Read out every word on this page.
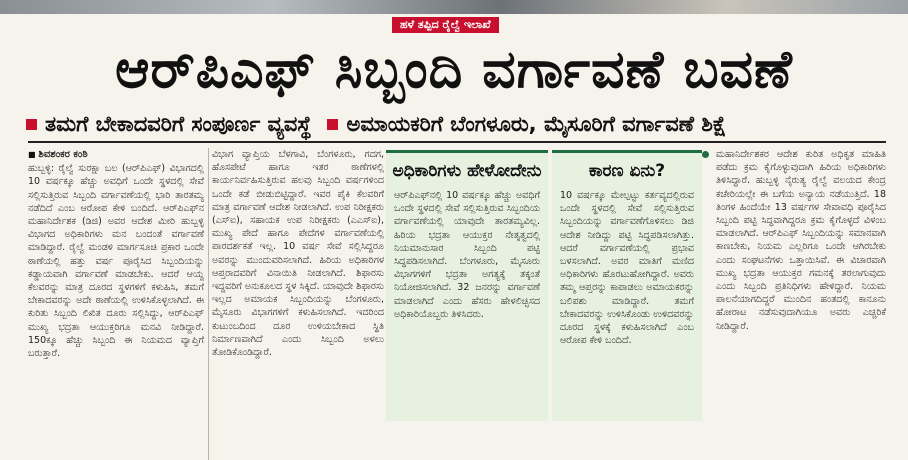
ಹಳೆ ತಪ್ಪಿದ ರೈಲ್ವೆ ಇಲಾಖೆ
ಆರ್‌ಪಿಎಫ್ ಸಿಬ್ಬಂದಿ ವರ್ಗಾವಣೆ ಬವಣೆ
ತಮಗೆ ಬೇಕಾದವರಿಗೆ ಸಂಪೂರ್ಣ ವ್ಯವಸ್ಥೆ ಅಮಾಯಕರಿಗೆ ಬೆಂಗಳೂರು, ಮೈಸೂರಿಗೆ ವರ್ಗಾವಣೆ ಶಿಕ್ಷೆ
■ ಶಿವಶಂಕರ ಕಂಠಿ

ಹುಬ್ಬಳ್ಳಿ: ರೈಲ್ವೆ ಸುರಕ್ಷಾ ಬಲ (ಆರ್‌ಪಿಎಫ್) ವಿಭಾಗದಲ್ಲಿ 10 ವರ್ಷಕ್ಕೂ ಹೆಚ್ಚು ಅವಧಿಗೆ ಒಂದೇ ಸ್ಥಳದಲ್ಲಿ ಸೇವೆ ಸಲ್ಲಿಸುತ್ತಿರುವ ಸಿಬ್ಬಂದಿ ವರ್ಗಾವಣೆಯಲ್ಲಿ ಭಾರಿ ತಾರತಮ್ಯ ನಡೆದಿದೆ ಎಂಬ ಆರೋಪ ಕೇಳಿ ಬಂದಿದೆ. ಆರ್‌ಪಿಎಫ್‌ನ ಮಹಾನಿರ್ದೇಶಕ (ಡಿಜಿ) ಅವರ ಆದೇಶ ಮೀರಿ ಹುಬ್ಬಳ್ಳಿ ವಿಭಾಗದ ಅಧಿಕಾರಿಗಳು ಮನ ಬಂದಂತೆ ವರ್ಗಾವಣೆ ಮಾಡಿದ್ದಾರೆ. ರೈಲ್ವೆ ಮಂಡಳಿ ಮಾರ್ಗಸೂಚಿ ಪ್ರಕಾರ ಒಂದೇ ಠಾಣೆಯಲ್ಲಿ ಹತ್ತು ವರ್ಷ ಪೂರೈಸಿದ ಸಿಬ್ಬಂದಿಯನ್ನು ಕಡ್ಡಾಯವಾಗಿ ವರ್ಗಾವಣೆ ಮಾಡಬೇಕು. ಆದರೆ ಆಯ್ದ ಕೆಲವರನ್ನು ಮಾತ್ರ ದೂರದ ಸ್ಥಳಗಳಿಗೆ ಕಳುಹಿಸಿ, ತಮಗೆ ಬೇಕಾದವರನ್ನು ಅದೇ ಠಾಣೆಯಲ್ಲಿ ಉಳಿಸಿಕೊಳ್ಳಲಾಗಿದೆ. ಈ ಕುರಿತು ಸಿಬ್ಬಂದಿ ಲಿಖಿತ ದೂರು ಸಲ್ಲಿಸಿದ್ದು, ಆರ್‌ಪಿಎಫ್ ಮುಖ್ಯ ಭದ್ರತಾ ಆಯುಕ್ತರಿಗೂ ಮನವಿ ನೀಡಿದ್ದಾರೆ. 150ಕ್ಕೂ ಹೆಚ್ಚು ಸಿಬ್ಬಂದಿ ಈ ನಿಯಮದ ವ್ಯಾಪ್ತಿಗೆ ಬರುತ್ತಾರೆ.

ವಿಭಾಗ ವ್ಯಾಪ್ತಿಯ ಬೆಳಗಾವಿ, ಬೆಂಗಳೂರು, ಗದಗ, ಹೊಸಪೇಟೆ ಹಾಗೂ ಇತರ ಠಾಣೆಗಳಲ್ಲಿ ಕಾರ್ಯನಿರ್ವಹಿಸುತ್ತಿರುವ ಹಲವು ಸಿಬ್ಬಂದಿ ವರ್ಷಗಳಿಂದ ಒಂದೇ ಕಡೆ ಬೀಡುಬಿಟ್ಟಿದ್ದಾರೆ. ಇವರ ಪೈಕಿ ಕೆಲವರಿಗೆ ಮಾತ್ರ ವರ್ಗಾವಣೆ ಆದೇಶ ನೀಡಲಾಗಿದೆ. ಉಪ ನಿರೀಕ್ಷಕರು (ಎಸ್‌ಐ), ಸಹಾಯಕ ಉಪ ನಿರೀಕ್ಷಕರು (ಎಎಸ್‌ಐ), ಮುಖ್ಯ ಪೇದೆ ಹಾಗೂ ಪೇದೆಗಳ ವರ್ಗಾವಣೆಯಲ್ಲಿ ಪಾರದರ್ಶಕತೆ ಇಲ್ಲ. 10 ವರ್ಷ ಸೇವೆ ಸಲ್ಲಿಸಿದ್ದರೂ ಅವರನ್ನು ಮುಂದುವರಿಸಲಾಗಿದೆ. ಹಿರಿಯ ಅಧಿಕಾರಿಗಳ ಆಪ್ತರಾದವರಿಗೆ ವಿನಾಯಿತಿ ನೀಡಲಾಗಿದೆ. ಶಿಫಾರಸು ಇದ್ದವರಿಗೆ ಅನುಕೂಲದ ಸ್ಥಳ ಸಿಕ್ಕಿದೆ. ಯಾವುದೇ ಶಿಫಾರಸು ಇಲ್ಲದ ಅಮಾಯಕ ಸಿಬ್ಬಂದಿಯನ್ನು ಬೆಂಗಳೂರು, ಮೈಸೂರು ವಿಭಾಗಗಳಿಗೆ ಕಳುಹಿಸಲಾಗಿದೆ. ಇದರಿಂದ ಕುಟುಂಬದಿಂದ ದೂರ ಉಳಿಯಬೇಕಾದ ಸ್ಥಿತಿ ನಿರ್ಮಾಣವಾಗಿದೆ ಎಂದು ಸಿಬ್ಬಂದಿ ಅಳಲು ತೋಡಿಕೊಂಡಿದ್ದಾರೆ.

ಅಧಿಕಾರಿಗಳು ಹೇಳೋದೇನು
ಆರ್‌ಪಿಎಫ್‌ನಲ್ಲಿ 10 ವರ್ಷಕ್ಕೂ ಹೆಚ್ಚು ಅವಧಿಗೆ ಒಂದೇ ಸ್ಥಳದಲ್ಲಿ ಸೇವೆ ಸಲ್ಲಿಸುತ್ತಿರುವ ಸಿಬ್ಬಂದಿಯ ವರ್ಗಾವಣೆಯಲ್ಲಿ ಯಾವುದೇ ತಾರತಮ್ಯವಿಲ್ಲ. ಹಿರಿಯ ಭದ್ರತಾ ಆಯುಕ್ತರ ನೇತೃತ್ವದಲ್ಲಿ ನಿಯಮಾನುಸಾರ ಸಿಬ್ಬಂದಿ ಪಟ್ಟಿ ಸಿದ್ಧಪಡಿಸಲಾಗಿದೆ. ಬೆಂಗಳೂರು, ಮೈಸೂರು ವಿಭಾಗಗಳಿಗೆ ಭದ್ರತಾ ಅಗತ್ಯಕ್ಕೆ ತಕ್ಕಂತೆ ನಿಯೋಜಿಸಲಾಗಿದೆ. 32 ಜನರನ್ನು ವರ್ಗಾವಣೆ ಮಾಡಲಾಗಿದೆ ಎಂದು ಹೆಸರು ಹೇಳಲಿಚ್ಛಿಸದ ಅಧಿಕಾರಿಯೊಬ್ಬರು ತಿಳಿಸಿದರು.
ಕಾರಣ ಏನು?
10 ವರ್ಷಕ್ಕೂ ಮೇಲ್ಪಟ್ಟು ಕರ್ತವ್ಯದಲ್ಲಿರುವ ಒಂದೇ ಸ್ಥಳದಲ್ಲಿ ಸೇವೆ ಸಲ್ಲಿಸುತ್ತಿರುವ ಸಿಬ್ಬಂದಿಯನ್ನು ವರ್ಗಾವಣೆಗೊಳಿಸಲು ಡಿಜಿ ಆದೇಶ ನೀಡಿದ್ದು ಪಟ್ಟಿ ಸಿದ್ಧಪಡಿಸಲಾಗಿತ್ತು. ಆದರೆ ವರ್ಗಾವಣೆಯಲ್ಲಿ ಪ್ರಭಾವ ಬಳಸಲಾಗಿದೆ. ಅವರ ಮಾತಿಗೆ ಮಣಿದ ಅಧಿಕಾರಿಗಳು ಹೊರಟುಹೋಗಿದ್ದಾರೆ. ಅವರು ತಮ್ಮ ಆಪ್ತರನ್ನು ಕಾಪಾಡಲು ಅಮಾಯಕರನ್ನು ಬಲಿಪಶು ಮಾಡಿದ್ದಾರೆ. ತಮಗೆ ಬೇಕಾದವರನ್ನು ಉಳಿಸಿಕೊಂಡು ಉಳಿದವರನ್ನು ದೂರದ ಸ್ಥಳಕ್ಕೆ ಕಳುಹಿಸಲಾಗಿದೆ ಎಂಬ ಆರೋಪ ಕೇಳಿ ಬಂದಿದೆ.

ಮಹಾನಿರ್ದೇಶಕರ ಆದೇಶ ಕುರಿತ ಅಧಿಕೃತ ಮಾಹಿತಿ ಪಡೆದು ಕ್ರಮ ಕೈಗೊಳ್ಳುವುದಾಗಿ ಹಿರಿಯ ಅಧಿಕಾರಿಗಳು ತಿಳಿಸಿದ್ದಾರೆ. ಹುಬ್ಬಳ್ಳಿ ನೈರುತ್ಯ ರೈಲ್ವೆ ವಲಯದ ಕೇಂದ್ರ ಕಚೇರಿಯಲ್ಲೇ ಈ ಬಗೆಯ ಅನ್ಯಾಯ ನಡೆಯುತ್ತಿದೆ. 18 ತಿಂಗಳ ಹಿಂದೆಯೇ 13 ವರ್ಷಗಳ ಸೇವಾವಧಿ ಪೂರೈಸಿದ ಸಿಬ್ಬಂದಿ ಪಟ್ಟಿ ಸಿದ್ಧವಾಗಿದ್ದರೂ ಕ್ರಮ ಕೈಗೊಳ್ಳದೆ ವಿಳಂಬ ಮಾಡಲಾಗಿದೆ. ಆರ್‌ಪಿಎಫ್ ಸಿಬ್ಬಂದಿಯನ್ನು ಸಮಾನವಾಗಿ ಕಾಣಬೇಕು, ನಿಯಮ ಎಲ್ಲರಿಗೂ ಒಂದೇ ಆಗಿರಬೇಕು ಎಂದು ಸಂಘಟನೆಗಳು ಒತ್ತಾಯಿಸಿವೆ. ಈ ವಿಚಾರವಾಗಿ ಮುಖ್ಯ ಭದ್ರತಾ ಆಯುಕ್ತರ ಗಮನಕ್ಕೆ ತರಲಾಗುವುದು ಎಂದು ಸಿಬ್ಬಂದಿ ಪ್ರತಿನಿಧಿಗಳು ಹೇಳಿದ್ದಾರೆ. ನಿಯಮ ಪಾಲನೆಯಾಗದಿದ್ದರೆ ಮುಂದಿನ ಹಂತದಲ್ಲಿ ಕಾನೂನು ಹೋರಾಟ ನಡೆಸುವುದಾಗಿಯೂ ಅವರು ಎಚ್ಚರಿಕೆ ನೀಡಿದ್ದಾರೆ.
